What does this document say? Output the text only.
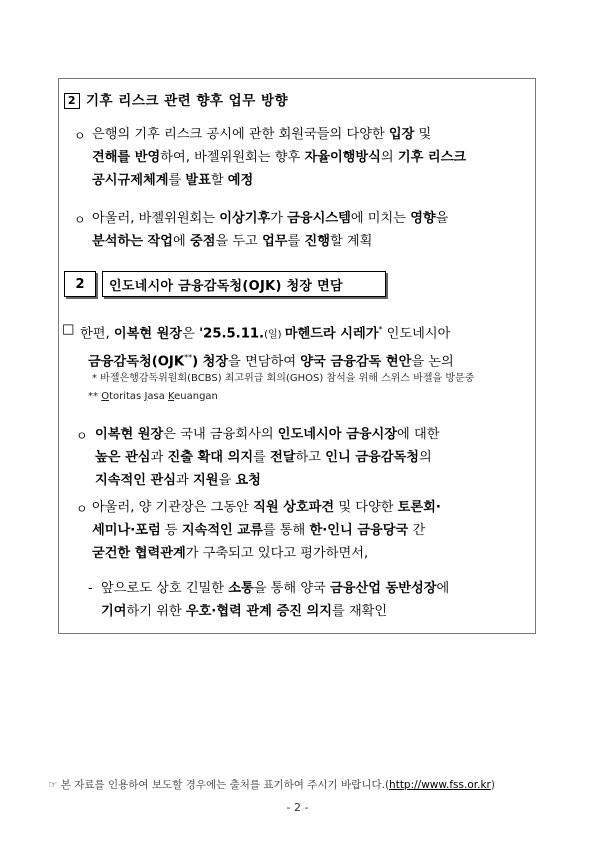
2 기후 리스크 관련 향후 업무 방향
ㅇ 은행의 기후 리스크 공시에 관한 회원국들의 다양한 입장 및
견해를 반영하여, 바젤위원회는 향후 자율이행방식의 기후 리스크
공시규제체계를 발표할 예정
ㅇ 아울러, 바젤위원회는 이상기후가 금융시스템에 미치는 영향을
분석하는 작업에 중점을 두고 업무를 진행할 계획
2	인도네시아 금융감독청(OJK) 청장 면담
□ 한편, 이복현 원장은 '25.5.11.(일) 마헨드라 시레가* 인도네시아
금융감독청(OJK**) 청장을 면담하여 양국 금융감독 현안을 논의
* 바젤은행감독위원회(BCBS) 최고위급 회의(GHOS) 참석을 위해 스위스 바젤을 방문중
** Otoritas Jasa Keuangan
ㅇ 이복현 원장은 국내 금융회사의 인도네시아 금융시장에 대한
높은 관심과 진출 확대 의지를 전달하고 인니 금융감독청의
지속적인 관심과 지원을 요청
ㅇ 아울러, 양 기관장은 그동안 직원 상호파견 및 다양한 토론회·
세미나·포럼 등 지속적인 교류를 통해 한·인니 금융당국 간
굳건한 협력관계가 구축되고 있다고 평가하면서,
- 앞으로도 상호 긴밀한 소통을 통해 양국 금융산업 동반성장에
기여하기 위한 우호·협력 관계 증진 의지를 재확인
☞ 본 자료를 인용하여 보도할 경우에는 출처를 표기하여 주시기 바랍니다.(http://www.fss.or.kr)
- 2 -
